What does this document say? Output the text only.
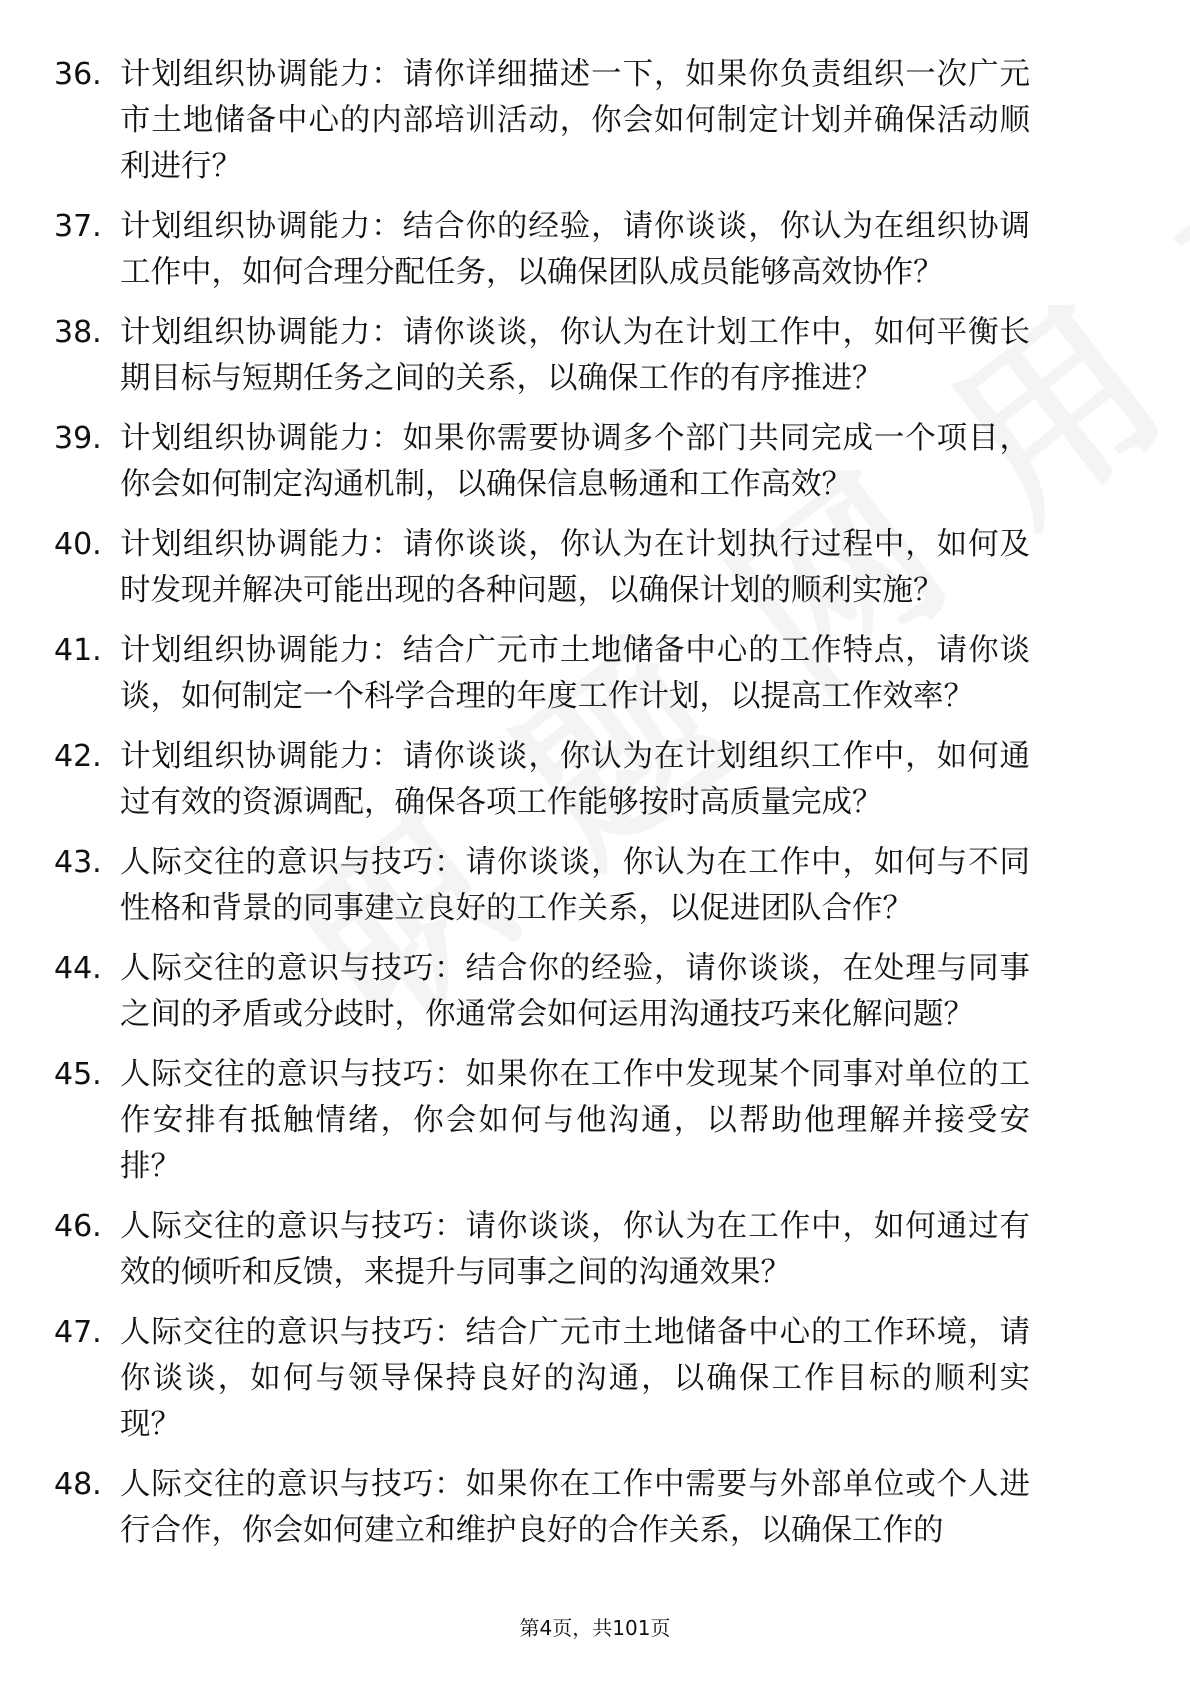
36. 计划组织协调能力：请你详细描述一下，如果你负责组织一次广元市土地储备中心的内部培训活动，你会如何制定计划并确保活动顺利进行？
37. 计划组织协调能力：结合你的经验，请你谈谈，你认为在组织协调工作中，如何合理分配任务，以确保团队成员能够高效协作？
38. 计划组织协调能力：请你谈谈，你认为在计划工作中，如何平衡长期目标与短期任务之间的关系，以确保工作的有序推进？
39. 计划组织协调能力：如果你需要协调多个部门共同完成一个项目，你会如何制定沟通机制，以确保信息畅通和工作高效？
40. 计划组织协调能力：请你谈谈，你认为在计划执行过程中，如何及时发现并解决可能出现的各种问题，以确保计划的顺利实施？
41. 计划组织协调能力：结合广元市土地储备中心的工作特点，请你谈谈，如何制定一个科学合理的年度工作计划，以提高工作效率？
42. 计划组织协调能力：请你谈谈，你认为在计划组织工作中，如何通过有效的资源调配，确保各项工作能够按时高质量完成？
43. 人际交往的意识与技巧：请你谈谈，你认为在工作中，如何与不同性格和背景的同事建立良好的工作关系，以促进团队合作？
44. 人际交往的意识与技巧：结合你的经验，请你谈谈，在处理与同事之间的矛盾或分歧时，你通常会如何运用沟通技巧来化解问题？
45. 人际交往的意识与技巧：如果你在工作中发现某个同事对单位的工作安排有抵触情绪，你会如何与他沟通，以帮助他理解并接受安排？
46. 人际交往的意识与技巧：请你谈谈，你认为在工作中，如何通过有效的倾听和反馈，来提升与同事之间的沟通效果？
47. 人际交往的意识与技巧：结合广元市土地储备中心的工作环境，请你谈谈，如何与领导保持良好的沟通，以确保工作目标的顺利实现？
48. 人际交往的意识与技巧：如果你在工作中需要与外部单位或个人进行合作，你会如何建立和维护良好的合作关系，以确保工作的
第4页，共101页
